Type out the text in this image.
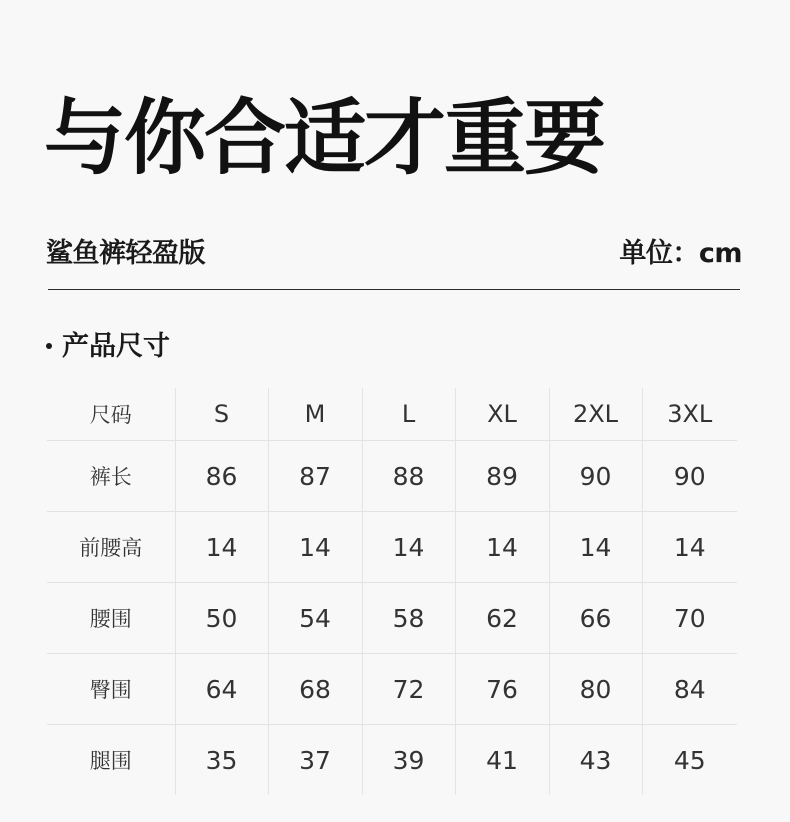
与你合适才重要
鲨鱼裤轻盈版	单位：cm
产品尺寸
尺码	S	M	L	XL	2XL	3XL
裤长	86	87	88	89	90	90
前腰高	14	14	14	14	14	14
腰围	50	54	58	62	66	70
臀围	64	68	72	76	80	84
腿围	35	37	39	41	43	45
